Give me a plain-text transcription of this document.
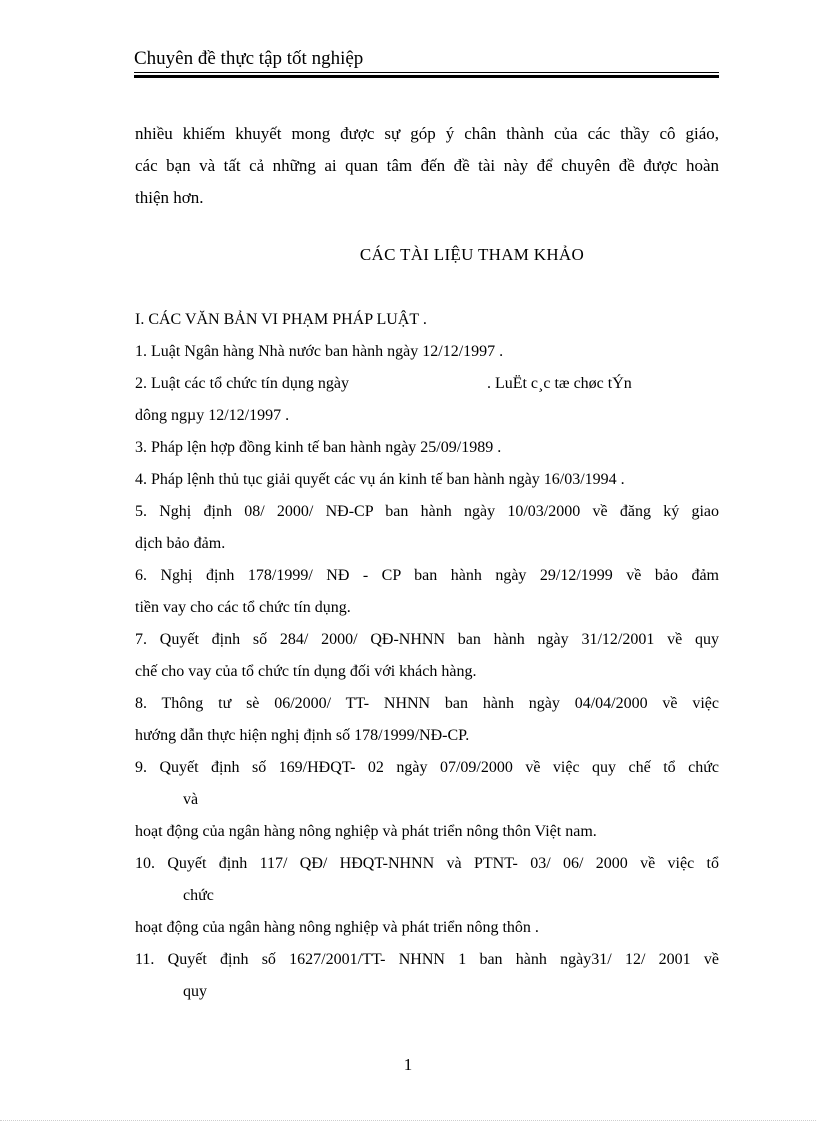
Chuyên đề thực tập tốt nghiệp
nhiều khiếm khuyết mong được sự góp ý chân thành của các thầy cô giáo,
các bạn và tất cả những ai quan tâm đến đề tài này để chuyên đề được hoàn
thiện hơn.
CÁC TÀI LIỆU THAM KHẢO
I. CÁC VĂN BẢN VI PHẠM PHÁP LUẬT .
1. Luật Ngân hàng Nhà nước ban hành ngày 12/12/1997 .
2. Luật các tổ chức tín dụng ngày	. LuËt c¸c tæ chøc tÝn
dông ngµy 12/12/1997 .
3. Pháp lện hợp đồng kinh tế ban hành ngày 25/09/1989 .
4. Pháp lệnh thủ tục giải quyết các vụ án kinh tế ban hành ngày 16/03/1994 .
5. Nghị định 08/ 2000/ NĐ-CP ban hành ngày 10/03/2000 về đăng ký giao
dịch bảo đảm.
6. Nghị định 178/1999/ NĐ - CP ban hành ngày 29/12/1999 về bảo đảm
tiền vay cho các tổ chức tín dụng.
7. Quyết định số 284/ 2000/ QĐ-NHNN ban hành ngày 31/12/2001 về quy
chế cho vay của tổ chức tín dụng đối với khách hàng.
8. Thông tư sè 06/2000/ TT- NHNN ban hành ngày 04/04/2000 về việc
hướng dẫn thực hiện nghị định số 178/1999/NĐ-CP.
9. Quyết định số 169/HĐQT- 02 ngày 07/09/2000 về việc quy chế tổ chức
và
hoạt động của ngân hàng nông nghiệp và phát triển nông thôn Việt nam.
10. Quyết định 117/ QĐ/ HĐQT-NHNN và PTNT- 03/ 06/ 2000 về việc tổ
chức
hoạt động của ngân hàng nông nghiệp và phát triển nông thôn .
11. Quyết định số 1627/2001/TT- NHNN 1 ban hành ngày31/ 12/ 2001 về
quy
1
